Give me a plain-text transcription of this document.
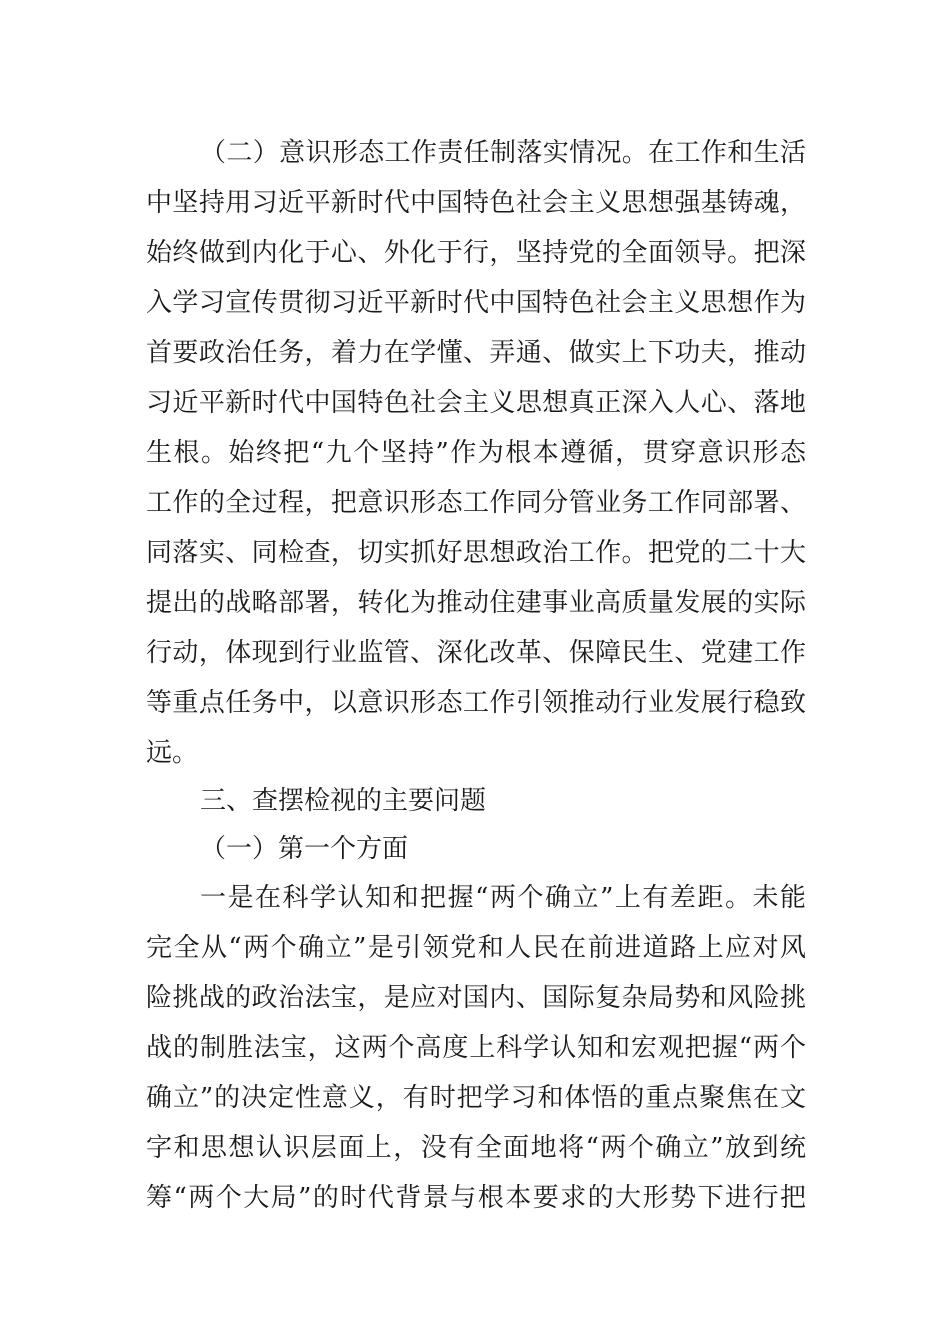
（二）意识形态工作责任制落实情况。在工作和生活
中坚持用习近平新时代中国特色社会主义思想强基铸魂，
始终做到内化于心、外化于行，坚持党的全面领导。把深
入学习宣传贯彻习近平新时代中国特色社会主义思想作为
首要政治任务，着力在学懂、弄通、做实上下功夫，推动
习近平新时代中国特色社会主义思想真正深入人心、落地
生根。始终把“九个坚持”作为根本遵循，贯穿意识形态
工作的全过程，把意识形态工作同分管业务工作同部署、
同落实、同检查，切实抓好思想政治工作。把党的二十大
提出的战略部署，转化为推动住建事业高质量发展的实际
行动，体现到行业监管、深化改革、保障民生、党建工作
等重点任务中，以意识形态工作引领推动行业发展行稳致
远。
三、查摆检视的主要问题
（一）第一个方面
一是在科学认知和把握“两个确立”上有差距。未能
完全从“两个确立”是引领党和人民在前进道路上应对风
险挑战的政治法宝，是应对国内、国际复杂局势和风险挑
战的制胜法宝，这两个高度上科学认知和宏观把握“两个
确立”的决定性意义，有时把学习和体悟的重点聚焦在文
字和思想认识层面上，没有全面地将“两个确立”放到统
筹“两个大局”的时代背景与根本要求的大形势下进行把
